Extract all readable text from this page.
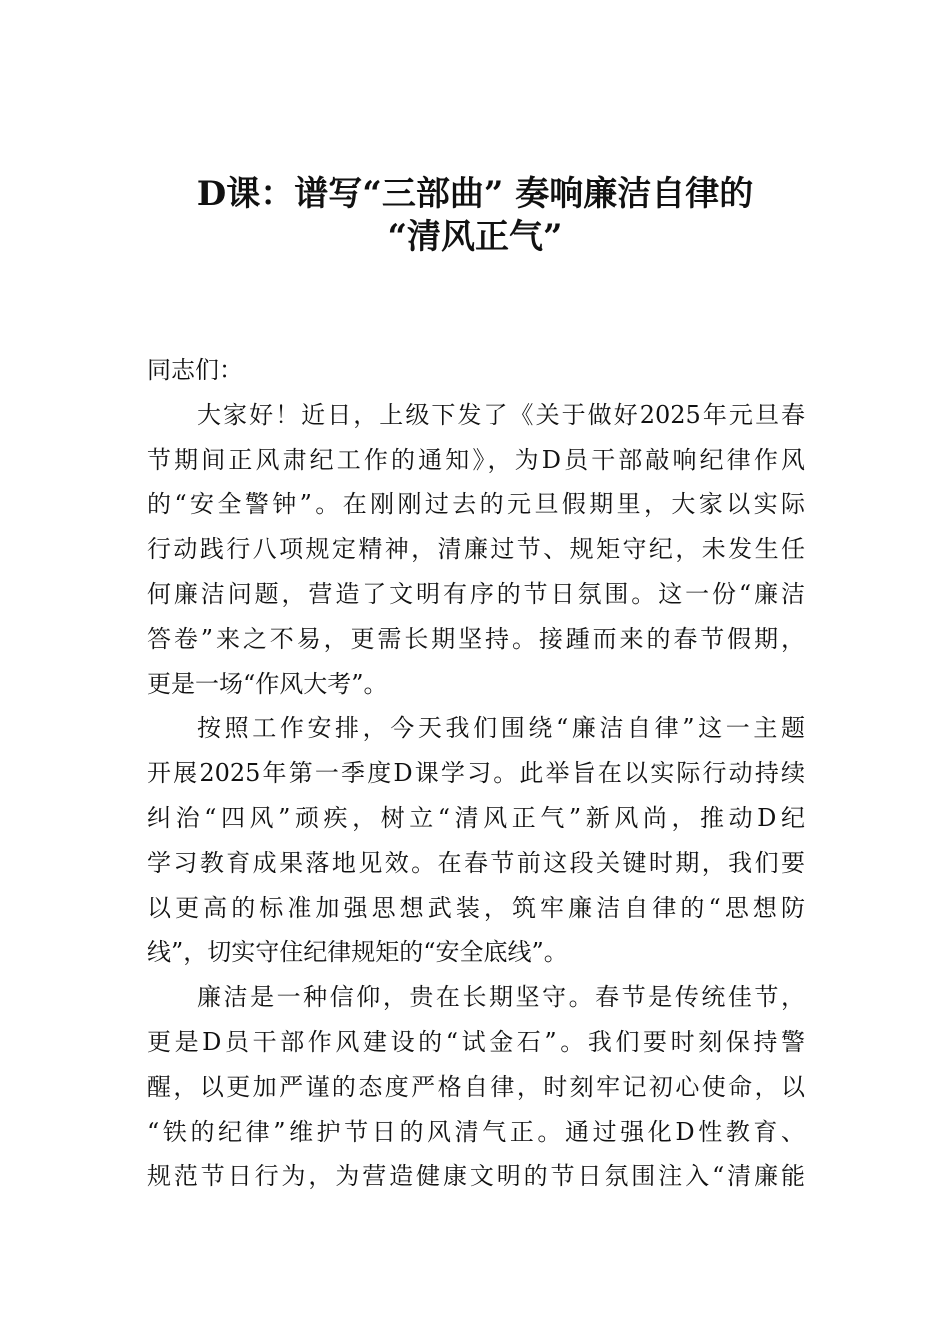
D课：谱写“三部曲” 奏响廉洁自律的
“清风正气”
同志们：
大家好！近日，上级下发了《关于做好2025年元旦春
节期间正风肃纪工作的通知》，为D员干部敲响纪律作风
的“安全警钟”。在刚刚过去的元旦假期里，大家以实际
行动践行八项规定精神，清廉过节、规矩守纪，未发生任
何廉洁问题，营造了文明有序的节日氛围。这一份“廉洁
答卷”来之不易，更需长期坚持。接踵而来的春节假期，
更是一场“作风大考”。
按照工作安排，今天我们围绕“廉洁自律”这一主题
开展2025年第一季度D课学习。此举旨在以实际行动持续
纠治“四风”顽疾，树立“清风正气”新风尚，推动D纪
学习教育成果落地见效。在春节前这段关键时期，我们要
以更高的标准加强思想武装，筑牢廉洁自律的“思想防
线”，切实守住纪律规矩的“安全底线”。
廉洁是一种信仰，贵在长期坚守。春节是传统佳节，
更是D员干部作风建设的“试金石”。我们要时刻保持警
醒，以更加严谨的态度严格自律，时刻牢记初心使命，以
“铁的纪律”维护节日的风清气正。通过强化D性教育、
规范节日行为，为营造健康文明的节日氛围注入“清廉能
